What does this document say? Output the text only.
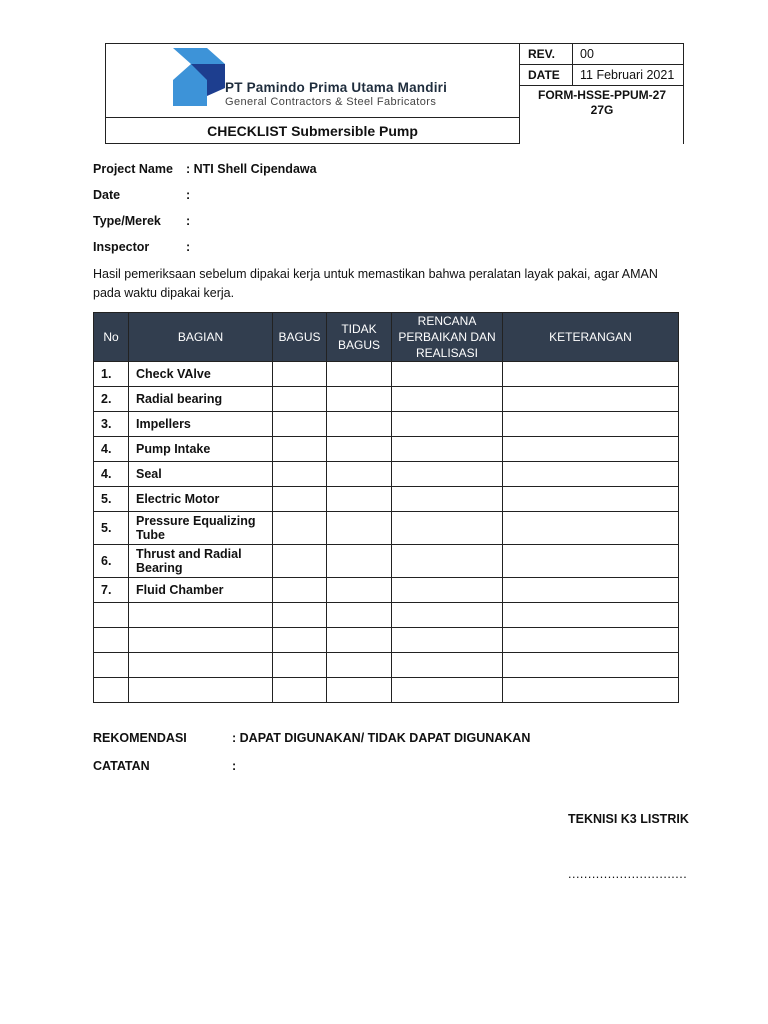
PT Pamindo Prima Utama Mandiri
General Contractors & Steel Fabricators
CHECKLIST Submersible Pump
REV.	00
DATE	11 Februari 2021
FORM-HSSE-PPUM-27
27G
Project Name : NTI Shell Cipendawa
Date	:
Type/Merek :
Inspector	:
Hasil pemeriksaan sebelum dipakai kerja untuk memastikan bahwa peralatan layak pakai, agar AMAN pada waktu dipakai kerja.
No	BAGIAN	BAGUS	TIDAK BAGUS	RENCANA PERBAIKAN DAN REALISASI	KETERANGAN
1.	Check VAlve				
2.	Radial bearing				
3.	Impellers				
4.	Pump Intake				
4.	Seal				
5.	Electric Motor				
5.	Pressure Equalizing Tube				
6.	Thrust and Radial Bearing				
7.	Fluid Chamber				

REKOMENDASI	: DAPAT DIGUNAKAN/ TIDAK DAPAT DIGUNAKAN
CATATAN	:
TEKNISI K3 LISTRIK
..............................
